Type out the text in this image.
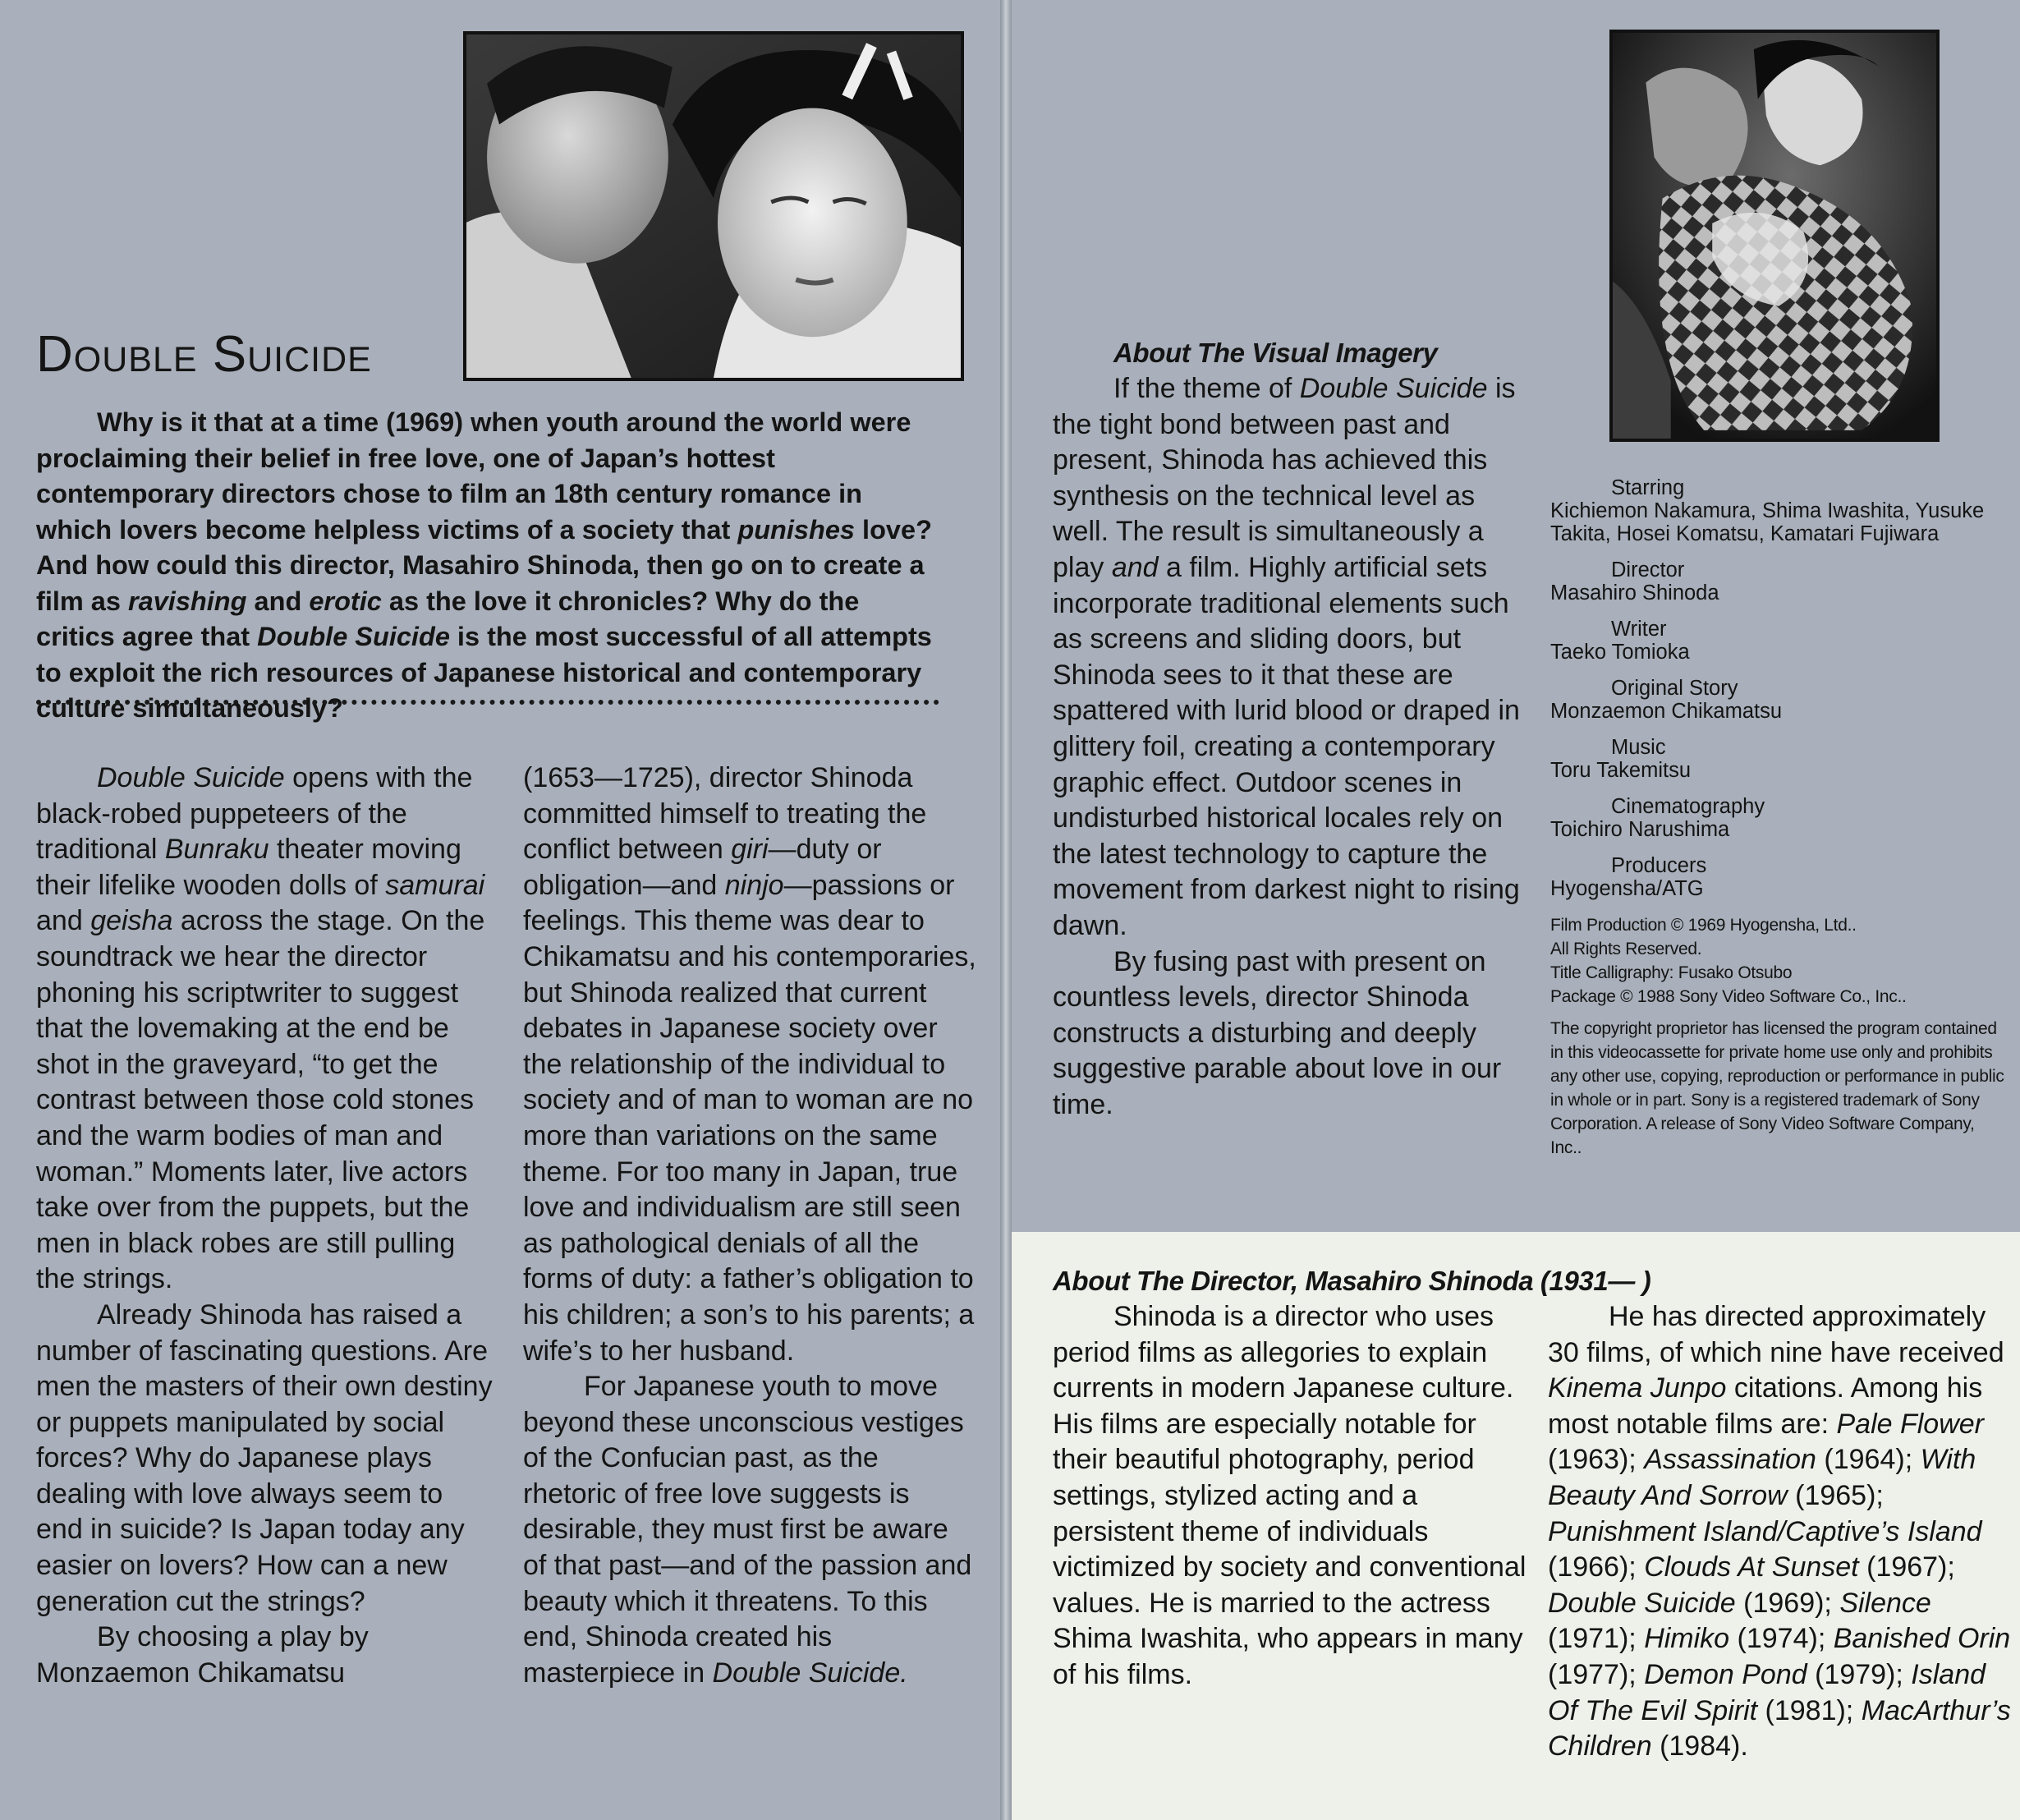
Double Suicide

Why is it that at a time (1969) when youth around the world were proclaiming their belief in free love, one of Japan’s hottest contemporary directors chose to film an 18th century romance in which lovers become helpless victims of a society that punishes love? And how could this director, Masahiro Shinoda, then go on to create a film as ravishing and erotic as the love it chronicles? Why do the critics agree that Double Suicide is the most successful of all attempts to exploit the rich resources of Japanese historical and contemporary culture simultaneously?

Double Suicide opens with the black-robed puppeteers of the traditional Bunraku theater moving their lifelike wooden dolls of samurai and geisha across the stage. On the soundtrack we hear the director phoning his scriptwriter to suggest that the lovemaking at the end be shot in the graveyard, “to get the contrast between those cold stones and the warm bodies of man and woman.” Moments later, live actors take over from the puppets, but the men in black robes are still pulling the strings.

Already Shinoda has raised a number of fascinating questions. Are men the masters of their own destiny or puppets manipulated by social forces? Why do Japanese plays dealing with love always seem to end in suicide? Is Japan today any easier on lovers? How can a new generation cut the strings?

By choosing a play by Monzaemon Chikamatsu

(1653—1725), director Shinoda committed himself to treating the conflict between giri—duty or obligation—and ninjo—passions or feelings. This theme was dear to Chikamatsu and his contemporaries, but Shinoda realized that current debates in Japanese society over the relationship of the individual to society and of man to woman are no more than variations on the same theme. For too many in Japan, true love and individualism are still seen as pathological denials of all the forms of duty: a father’s obligation to his children; a son’s to his parents; a wife’s to her husband.

For Japanese youth to move beyond these unconscious vestiges of the Confucian past, as the rhetoric of free love suggests is desirable, they must first be aware of that past—and of the passion and beauty which it threatens. To this end, Shinoda created his masterpiece in Double Suicide.

About The Visual Imagery

If the theme of Double Suicide is the tight bond between past and present, Shinoda has achieved this synthesis on the technical level as well. The result is simultaneously a play and a film. Highly artificial sets incorporate traditional elements such as screens and sliding doors, but Shinoda sees to it that these are spattered with lurid blood or draped in glittery foil, creating a contemporary graphic effect. Outdoor scenes in undisturbed historical locales rely on the latest technology to capture the movement from darkest night to rising dawn.

By fusing past with present on countless levels, director Shinoda constructs a disturbing and deeply suggestive parable about love in our time.

Starring
Kichiemon Nakamura, Shima Iwashita, Yusuke Takita, Hosei Komatsu, Kamatari Fujiwara
Director
Masahiro Shinoda
Writer
Taeko Tomioka
Original Story
Monzaemon Chikamatsu
Music
Toru Takemitsu
Cinematography
Toichiro Narushima
Producers
Hyogensha/ATG

Film Production © 1969 Hyogensha, Ltd..

All Rights Reserved.

Title Calligraphy: Fusako Otsubo

Package © 1988 Sony Video Software Co., Inc..

The copyright proprietor has licensed the program contained in this videocassette for private home use only and prohibits any other use, copying, reproduction or performance in public in whole or in part. Sony is a registered trademark of Sony Corporation. A release of Sony Video Software Company, Inc..

About The Director, Masahiro Shinoda (1931— )

Shinoda is a director who uses period films as allegories to explain currents in modern Japanese culture. His films are especially notable for their beautiful photography, period settings, stylized acting and a persistent theme of individuals victimized by society and conventional values. He is married to the actress Shima Iwashita, who appears in many of his films.

He has directed approximately 30 films, of which nine have received Kinema Junpo citations. Among his most notable films are: Pale Flower (1963); Assassination (1964); With Beauty And Sorrow (1965); Punishment Island/Captive’s Island (1966); Clouds At Sunset (1967); Double Suicide (1969); Silence (1971); Himiko (1974); Banished Orin (1977); Demon Pond (1979); Island Of The Evil Spirit (1981); MacArthur’s Children (1984).
